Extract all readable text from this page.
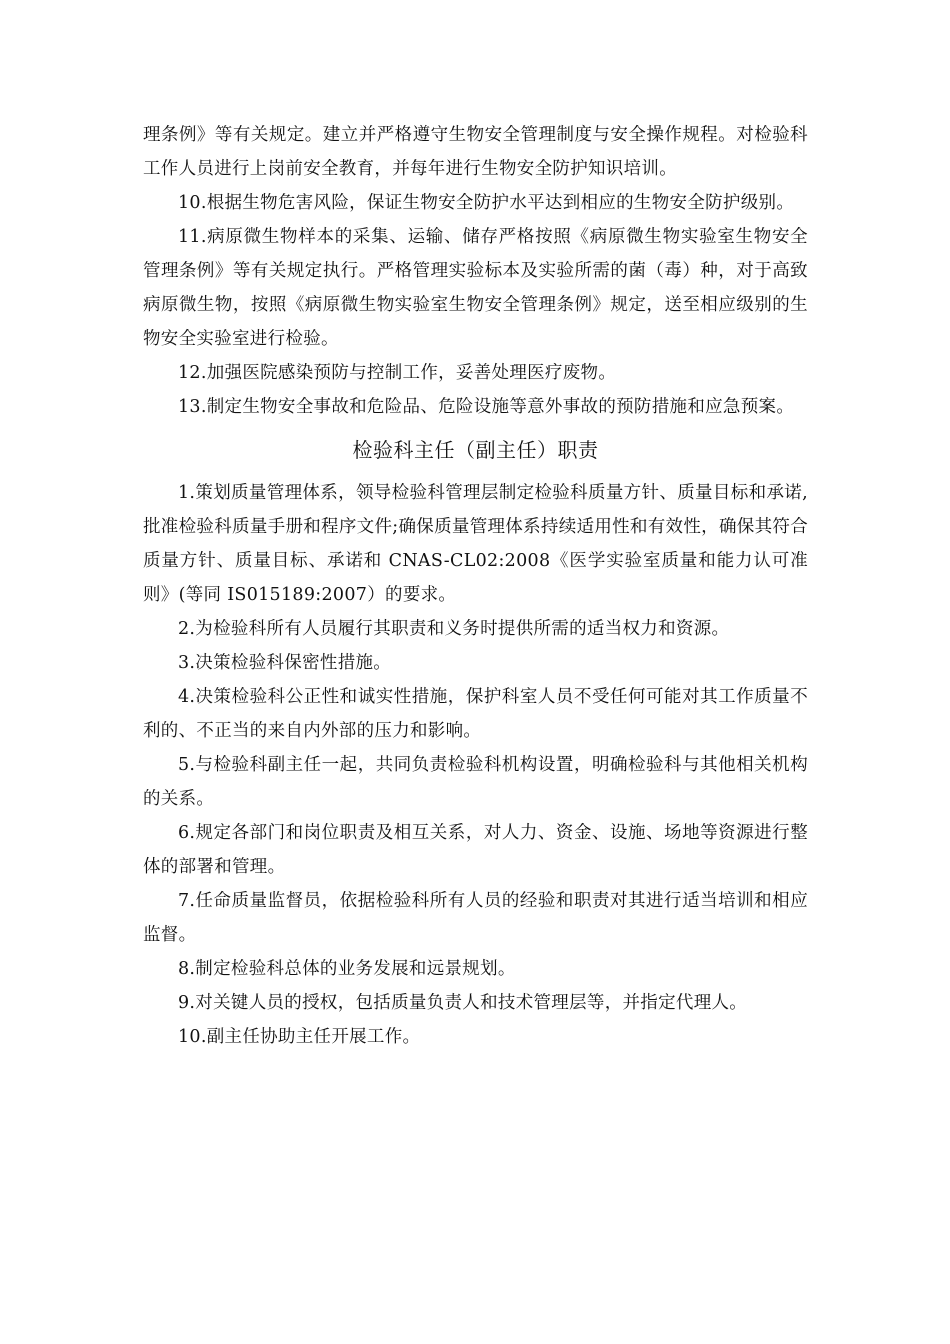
理条例》等有关规定。建立并严格遵守生物安全管理制度与安全操作规程。对检验科工作人员进行上岗前安全教育，并每年进行生物安全防护知识培训。

10.根据生物危害风险，保证生物安全防护水平达到相应的生物安全防护级别。

11.病原微生物样本的采集、运输、储存严格按照《病原微生物实验室生物安全管理条例》等有关规定执行。严格管理实验标本及实验所需的菌（毒）种，对于高致病原微生物，按照《病原微生物实验室生物安全管理条例》规定，送至相应级别的生物安全实验室进行检验。

12.加强医院感染预防与控制工作，妥善处理医疗废物。

13.制定生物安全事故和危险品、危险设施等意外事故的预防措施和应急预案。

检验科主任（副主任）职责

1.策划质量管理体系，领导检验科管理层制定检验科质量方针、质量目标和承诺,批准检验科质量手册和程序文件;确保质量管理体系持续适用性和有效性，确保其符合质量方针、质量目标、承诺和 CNAS-CL02:2008《医学实验室质量和能力认可准则》(等同 IS015189:2007）的要求。

2.为检验科所有人员履行其职责和义务时提供所需的适当权力和资源。

3.决策检验科保密性措施。

4.决策检验科公正性和诚实性措施，保护科室人员不受任何可能对其工作质量不利的、不正当的来自内外部的压力和影响。

5.与检验科副主任一起，共同负责检验科机构设置，明确检验科与其他相关机构的关系。

6.规定各部门和岗位职责及相互关系，对人力、资金、设施、场地等资源进行整体的部署和管理。

7.任命质量监督员，依据检验科所有人员的经验和职责对其进行适当培训和相应监督。

8.制定检验科总体的业务发展和远景规划。

9.对关键人员的授权，包括质量负责人和技术管理层等，并指定代理人。

10.副主任协助主任开展工作。
